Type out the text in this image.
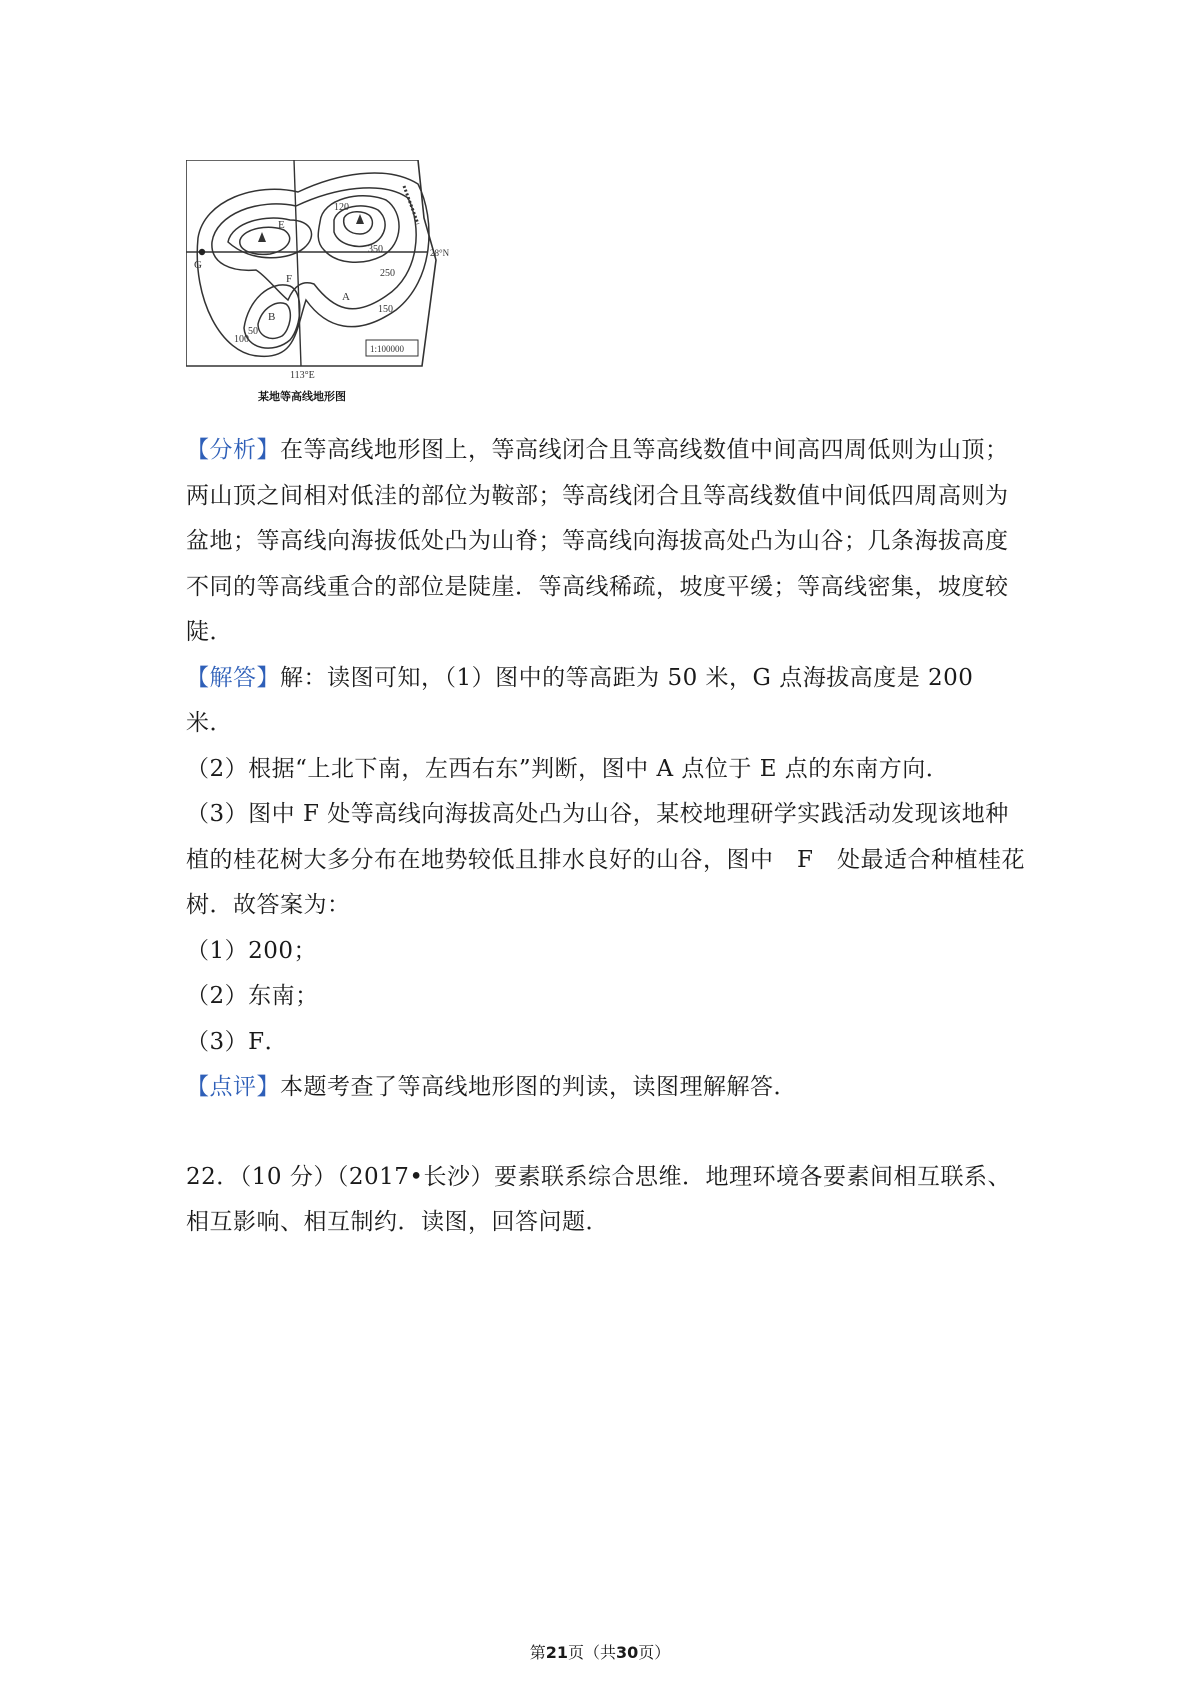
E
G
F
A
B
120
350
250
150
100
50
28°N
113°E
1:100000
某地等高线地形图

【分析】在等高线地形图上，等高线闭合且等高线数值中间高四周低则为山顶；两山顶之间相对低洼的部位为鞍部；等高线闭合且等高线数值中间低四周高则为盆地；等高线向海拔低处凸为山脊；等高线向海拔高处凸为山谷；几条海拔高度不同的等高线重合的部位是陡崖．等高线稀疏，坡度平缓；等高线密集，坡度较陡．

【解答】解：读图可知，（1）图中的等高距为 50 米，G 点海拔高度是 200 米．

（2）根据“上北下南，左西右东”判断，图中 A 点位于 E 点的东南方向．

（3）图中 F 处等高线向海拔高处凸为山谷，某校地理研学实践活动发现该地种植的桂花树大多分布在地势较低且排水良好的山谷，图中　F　处最适合种植桂花树．故答案为：

（1）200；

（2）东南；

（3）F．

【点评】本题考查了等高线地形图的判读，读图理解解答．

22．（10 分）（2017•长沙）要素联系综合思维．地理环境各要素间相互联系、相互影响、相互制约．读图，回答问题．

第21页（共30页）
